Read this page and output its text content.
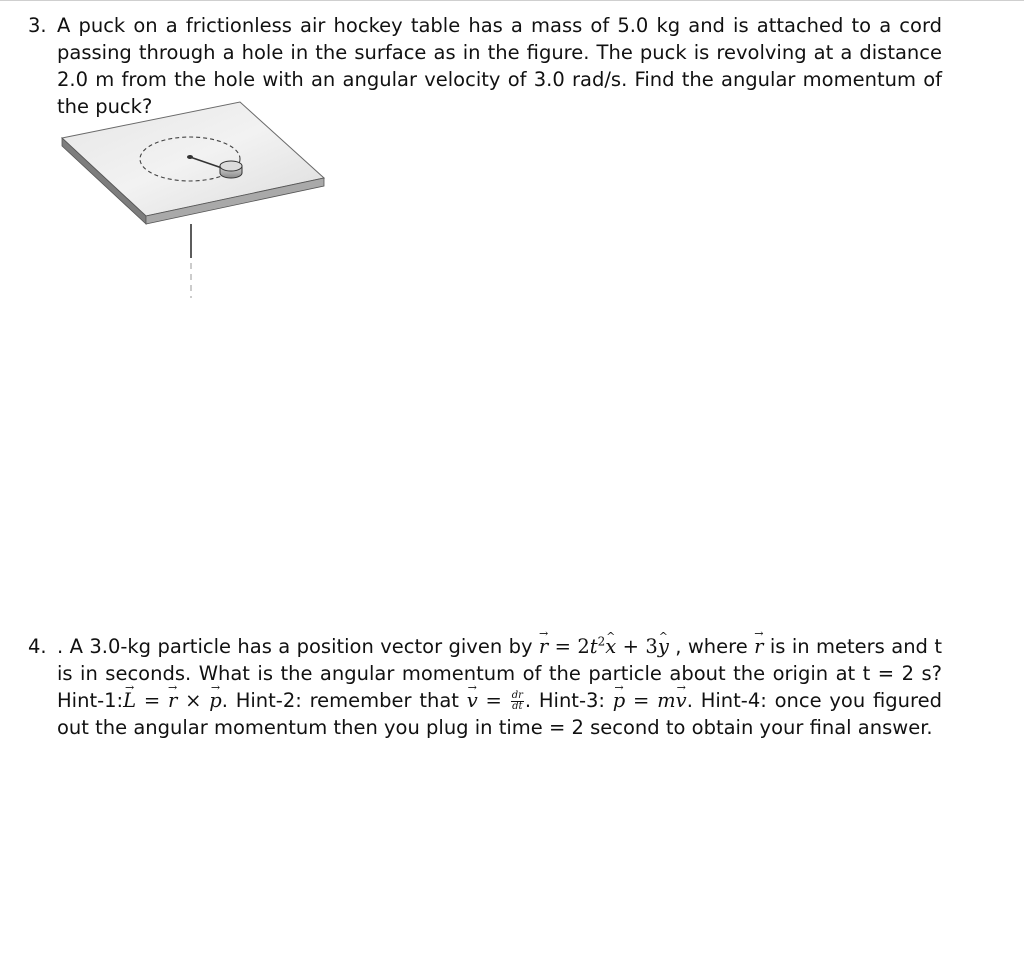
3. A puck on a frictionless air hockey table has a mass of 5.0 kg and is attached to a cord passing through a hole in the surface as in the figure. The puck is revolving at a distance 2.0 m from the hole with an angular velocity of 3.0 rad/s. Find the angular momentum of the puck?
4. . A 3.0-kg particle has a position vector given by → $r = 2t^2\^{}$ x + 3^ y , where → r is in meters and t is in seconds. What is the angular momentum of the particle about the origin at t = 2 s? Hint-1:→ L = → r × → p. Hint-2: remember that → $v = \frac{dr}{dt}$ . Hint-3: → p = m→ v. Hint-4: once you figured out the angular momentum then you plug in time = 2 second to obtain your final answer.
